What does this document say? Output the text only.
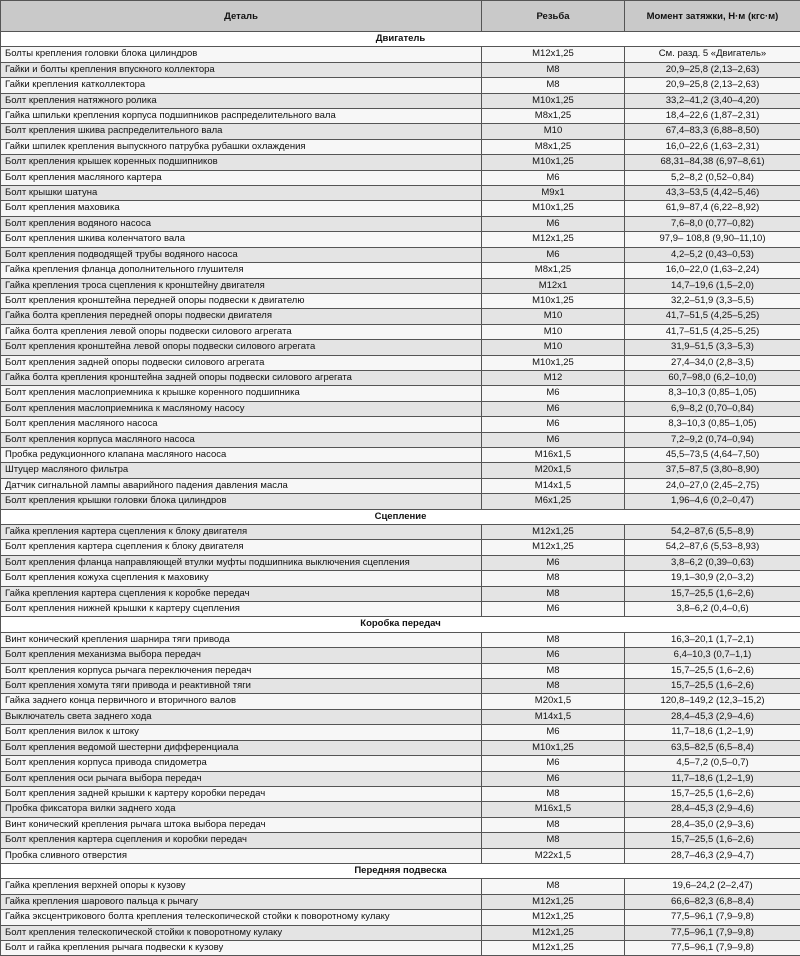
Деталь	Резьба	Момент затяжки, Н·м (кгс·м)
Двигатель		
Болты крепления головки блока цилиндров	M12x1,25	См. разд. 5 «Двигатель»
Гайки и болты крепления впускного коллектора	M8	20,9–25,8 (2,13–2,63)
Гайки крепления катколлектора	M8	20,9–25,8 (2,13–2,63)
Болт крепления натяжного ролика	M10x1,25	33,2–41,2 (3,40–4,20)
Гайка шпильки крепления корпуса подшипников распределительного вала	M8x1,25	18,4–22,6 (1,87–2,31)
Болт крепления шкива распределительного вала	M10	67,4–83,3 (6,88–8,50)
Гайки шпилек крепления выпускного патрубка рубашки охлаждения	M8x1,25	16,0–22,6 (1,63–2,31)
Болт крепления крышек коренных подшипников	M10x1,25	68,31–84,38 (6,97–8,61)
Болт крепления масляного картера	M6	5,2–8,2 (0,52–0,84)
Болт крышки шатуна	M9x1	43,3–53,5 (4,42–5,46)
Болт крепления маховика	M10x1,25	61,9–87,4 (6,22–8,92)
Болт крепления водяного насоса	M6	7,6–8,0 (0,77–0,82)
Болт крепления шкива коленчатого вала	M12x1,25	97,9– 108,8 (9,90–11,10)
Болт крепления подводящей трубы водяного насоса	M6	4,2–5,2 (0,43–0,53)
Гайка крепления фланца дополнительного глушителя	M8x1,25	16,0–22,0 (1,63–2,24)
Гайка крепления троса сцепления к кронштейну двигателя	M12x1	14,7–19,6 (1,5–2,0)
Болт крепления кронштейна передней опоры подвески к двигателю	M10x1,25	32,2–51,9 (3,3–5,5)
Гайка болта крепления передней опоры подвески двигателя	M10	41,7–51,5 (4,25–5,25)
Гайка болта крепления левой опоры подвески силового агрегата	M10	41,7–51,5 (4,25–5,25)
Болт крепления кронштейна левой опоры подвески силового агрегата	M10	31,9–51,5 (3,3–5,3)
Болт крепления задней опоры подвески силового агрегата	M10x1,25	27,4–34,0 (2,8–3,5)
Гайка болта крепления кронштейна задней опоры подвески силового агрегата	M12	60,7–98,0 (6,2–10,0)
Болт крепления маслоприемника к крышке коренного подшипника	M6	8,3–10,3 (0,85–1,05)
Болт крепления маслоприемника к масляному насосу	M6	6,9–8,2 (0,70–0,84)
Болт крепления масляного насоса	M6	8,3–10,3 (0,85–1,05)
Болт крепления корпуса масляного насоса	M6	7,2–9,2 (0,74–0,94)
Пробка редукционного клапана масляного насоса	M16x1,5	45,5–73,5 (4,64–7,50)
Штуцер масляного фильтра	M20x1,5	37,5–87,5 (3,80–8,90)
Датчик сигнальной лампы аварийного падения давления масла	M14x1,5	24,0–27,0 (2,45–2,75)
Болт крепления крышки головки блока цилиндров	M6x1,25	1,96–4,6 (0,2–0,47)
Сцепление		
Гайка крепления картера сцепления к блоку двигателя	M12x1,25	54,2–87,6 (5,5–8,9)
Болт крепления картера сцепления к блоку двигателя	M12x1,25	54,2–87,6 (5,53–8,93)
Болт крепления фланца направляющей втулки муфты подшипника выключения сцепления	M6	3,8–6,2 (0,39–0,63)
Болт крепления кожуха сцепления к маховику	M8	19,1–30,9 (2,0–3,2)
Гайка крепления картера сцепления к коробке передач	M8	15,7–25,5 (1,6–2,6)
Болт крепления нижней крышки к картеру сцепления	M6	3,8–6,2 (0,4–0,6)
Коробка передач		
Винт конический крепления шарнира тяги привода	M8	16,3–20,1 (1,7–2,1)
Болт крепления механизма выбора передач	M6	6,4–10,3 (0,7–1,1)
Болт крепления корпуса рычага переключения передач	M8	15,7–25,5 (1,6–2,6)
Болт крепления хомута тяги привода и реактивной тяги	M8	15,7–25,5 (1,6–2,6)
Гайка заднего конца первичного и вторичного валов	M20x1,5	120,8–149,2 (12,3–15,2)
Выключатель света заднего хода	M14x1,5	28,4–45,3 (2,9–4,6)
Болт крепления вилок к штоку	M6	11,7–18,6 (1,2–1,9)
Болт крепления ведомой шестерни дифференциала	M10x1,25	63,5–82,5 (6,5–8,4)
Болт крепления корпуса привода спидометра	M6	4,5–7,2 (0,5–0,7)
Болт крепления оси рычага выбора передач	M6	11,7–18,6 (1,2–1,9)
Болт крепления задней крышки к картеру коробки передач	M8	15,7–25,5 (1,6–2,6)
Пробка фиксатора вилки заднего хода	M16x1,5	28,4–45,3 (2,9–4,6)
Винт конический крепления рычага штока выбора передач	M8	28,4–35,0 (2,9–3,6)
Болт крепления картера сцепления и коробки передач	M8	15,7–25,5 (1,6–2,6)
Пробка сливного отверстия	M22x1,5	28,7–46,3 (2,9–4,7)
Передняя подвеска		
Гайка крепления верхней опоры к кузову	M8	19,6–24,2 (2–2,47)
Гайка крепления шарового пальца к рычагу	M12x1,25	66,6–82,3 (6,8–8,4)
Гайка эксцентрикового болта крепления телескопической стойки к поворотному кулаку	M12x1,25	77,5–96,1 (7,9–9,8)
Болт крепления телескопической стойки к поворотному кулаку	M12x1,25	77,5–96,1 (7,9–9,8)
Болт и гайка крепления рычага подвески к кузову	M12x1,25	77,5–96,1 (7,9–9,8)
